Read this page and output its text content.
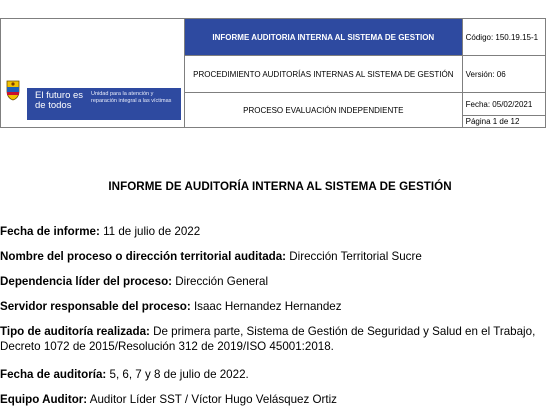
El futuro es de todos
Unidad para la atención y reparación integral a las víctimas	INFORME AUDITORIA INTERNA AL SISTEMA DE GESTION	Código: 150.19.15-1
	PROCEDIMIENTO AUDITORÍAS INTERNAS AL SISTEMA DE GESTIÓN	Versión: 06
	PROCESO EVALUACIÓN INDEPENDIENTE	Fecha: 05/02/2021
		Página 1 de 12
INFORME DE AUDITORÍA INTERNA AL SISTEMA DE GESTIÓN
Fecha de informe: 11 de julio de 2022
Nombre del proceso o dirección territorial auditada: Dirección Territorial Sucre
Dependencia líder del proceso: Dirección General
Servidor responsable del proceso: Isaac Hernandez Hernandez
Tipo de auditoría realizada: De primera parte, Sistema de Gestión de Seguridad y Salud en el Trabajo, Decreto 1072 de 2015/Resolución 312 de 2019/ISO 45001:2018.
Fecha de auditoría: 5, 6, 7 y 8 de julio de 2022.
Equipo Auditor: Auditor Líder SST / Víctor Hugo Velásquez Ortiz
